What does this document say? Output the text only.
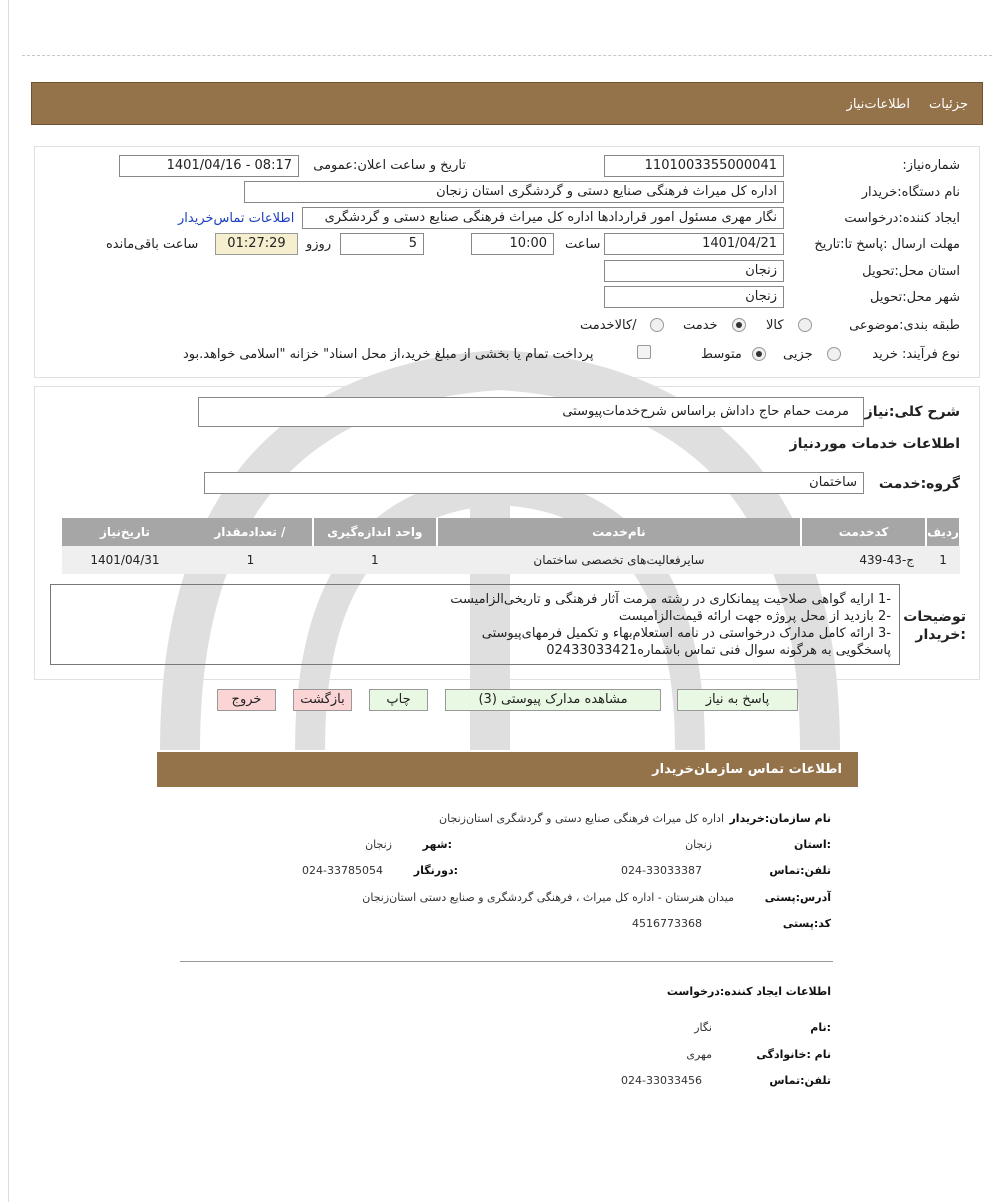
جزئیات
اطلاعات‌نیاز
شماره‌نیاز:
1101003355000041
تاریخ و ساعت اعلان:عمومی
1401/04/16 - 08:17
نام دستگاه:خریدار
اداره کل میراث فرهنگی صنایع دستی و گردشگری استان زنجان
ایجاد کننده:درخواست
نگار مهری مسئول امور قراردادها اداره کل میراث فرهنگی صنایع دستی و گردشگری
اطلاعات تماس‌خریدار
مهلت ارسال :پاسخ تا:تاریخ
1401/04/21
ساعت
10:00
5
روزو
01:27:29
ساعت باقی‌مانده
استان محل:تحویل
زنجان
شهر محل:تحویل
زنجان
طبقه بندی:موضوعی
کالا
خدمت
/کالاخدمت
نوع فرآیند: خرید
جزیی
متوسط
پرداخت تمام یا بخشی از مبلغ خرید،از محل اسناد" خزانه "اسلامی خواهد.بود
شرح کلی:نیاز
مرمت حمام حاج داداش براساس شرح‌خدمات‌پیوستی
اطلاعات خدمات موردنیاز
گروه:خدمت
ساختمان
ردیف	کدخدمت	نام‌خدمت	واحد اندازه‌گیری	/ تعدادمقدار	تاریخ‌نیاز
1	ج-43-439	سایرفعالیت‌های تخصصی ساختمان	1	1	1401/04/31
توضیحات :خریدار
-1 ارایه گواهی صلاحیت پیمانکاری در رشته مرمت آثار فرهنگی و تاریخی‌الزامیست
-2 بازدید از محل پروژه جهت ارائه قیمت‌الزامیست
-3 ارائه کامل مدارک درخواستی در نامه استعلام‌بهاء و تکمیل فرمهای‌پیوستی
پاسخگویی به هرگونه سوال فنی تماس باشماره02433033421
پاسخ به نیاز
مشاهده مدارک پیوستی (3)
چاپ
بازگشت
خروج
اطلاعات تماس سازمان‌خریدار
نام سازمان:خریدار
اداره کل میراث فرهنگی صنایع دستی و گردشگری استان‌زنجان
:استان
زنجان
:شهر
زنجان
تلفن:تماس
024-33033387
:دورنگار
024-33785054
آدرس:پستی
میدان هنرستان - اداره کل میراث ، فرهنگی گردشگری و صنایع دستی استان‌زنجان
کد:پستی
4516773368
اطلاعات ایجاد کننده:درخواست
:نام
نگار
نام :خانوادگی
مهری
تلفن:تماس
024-33033456
